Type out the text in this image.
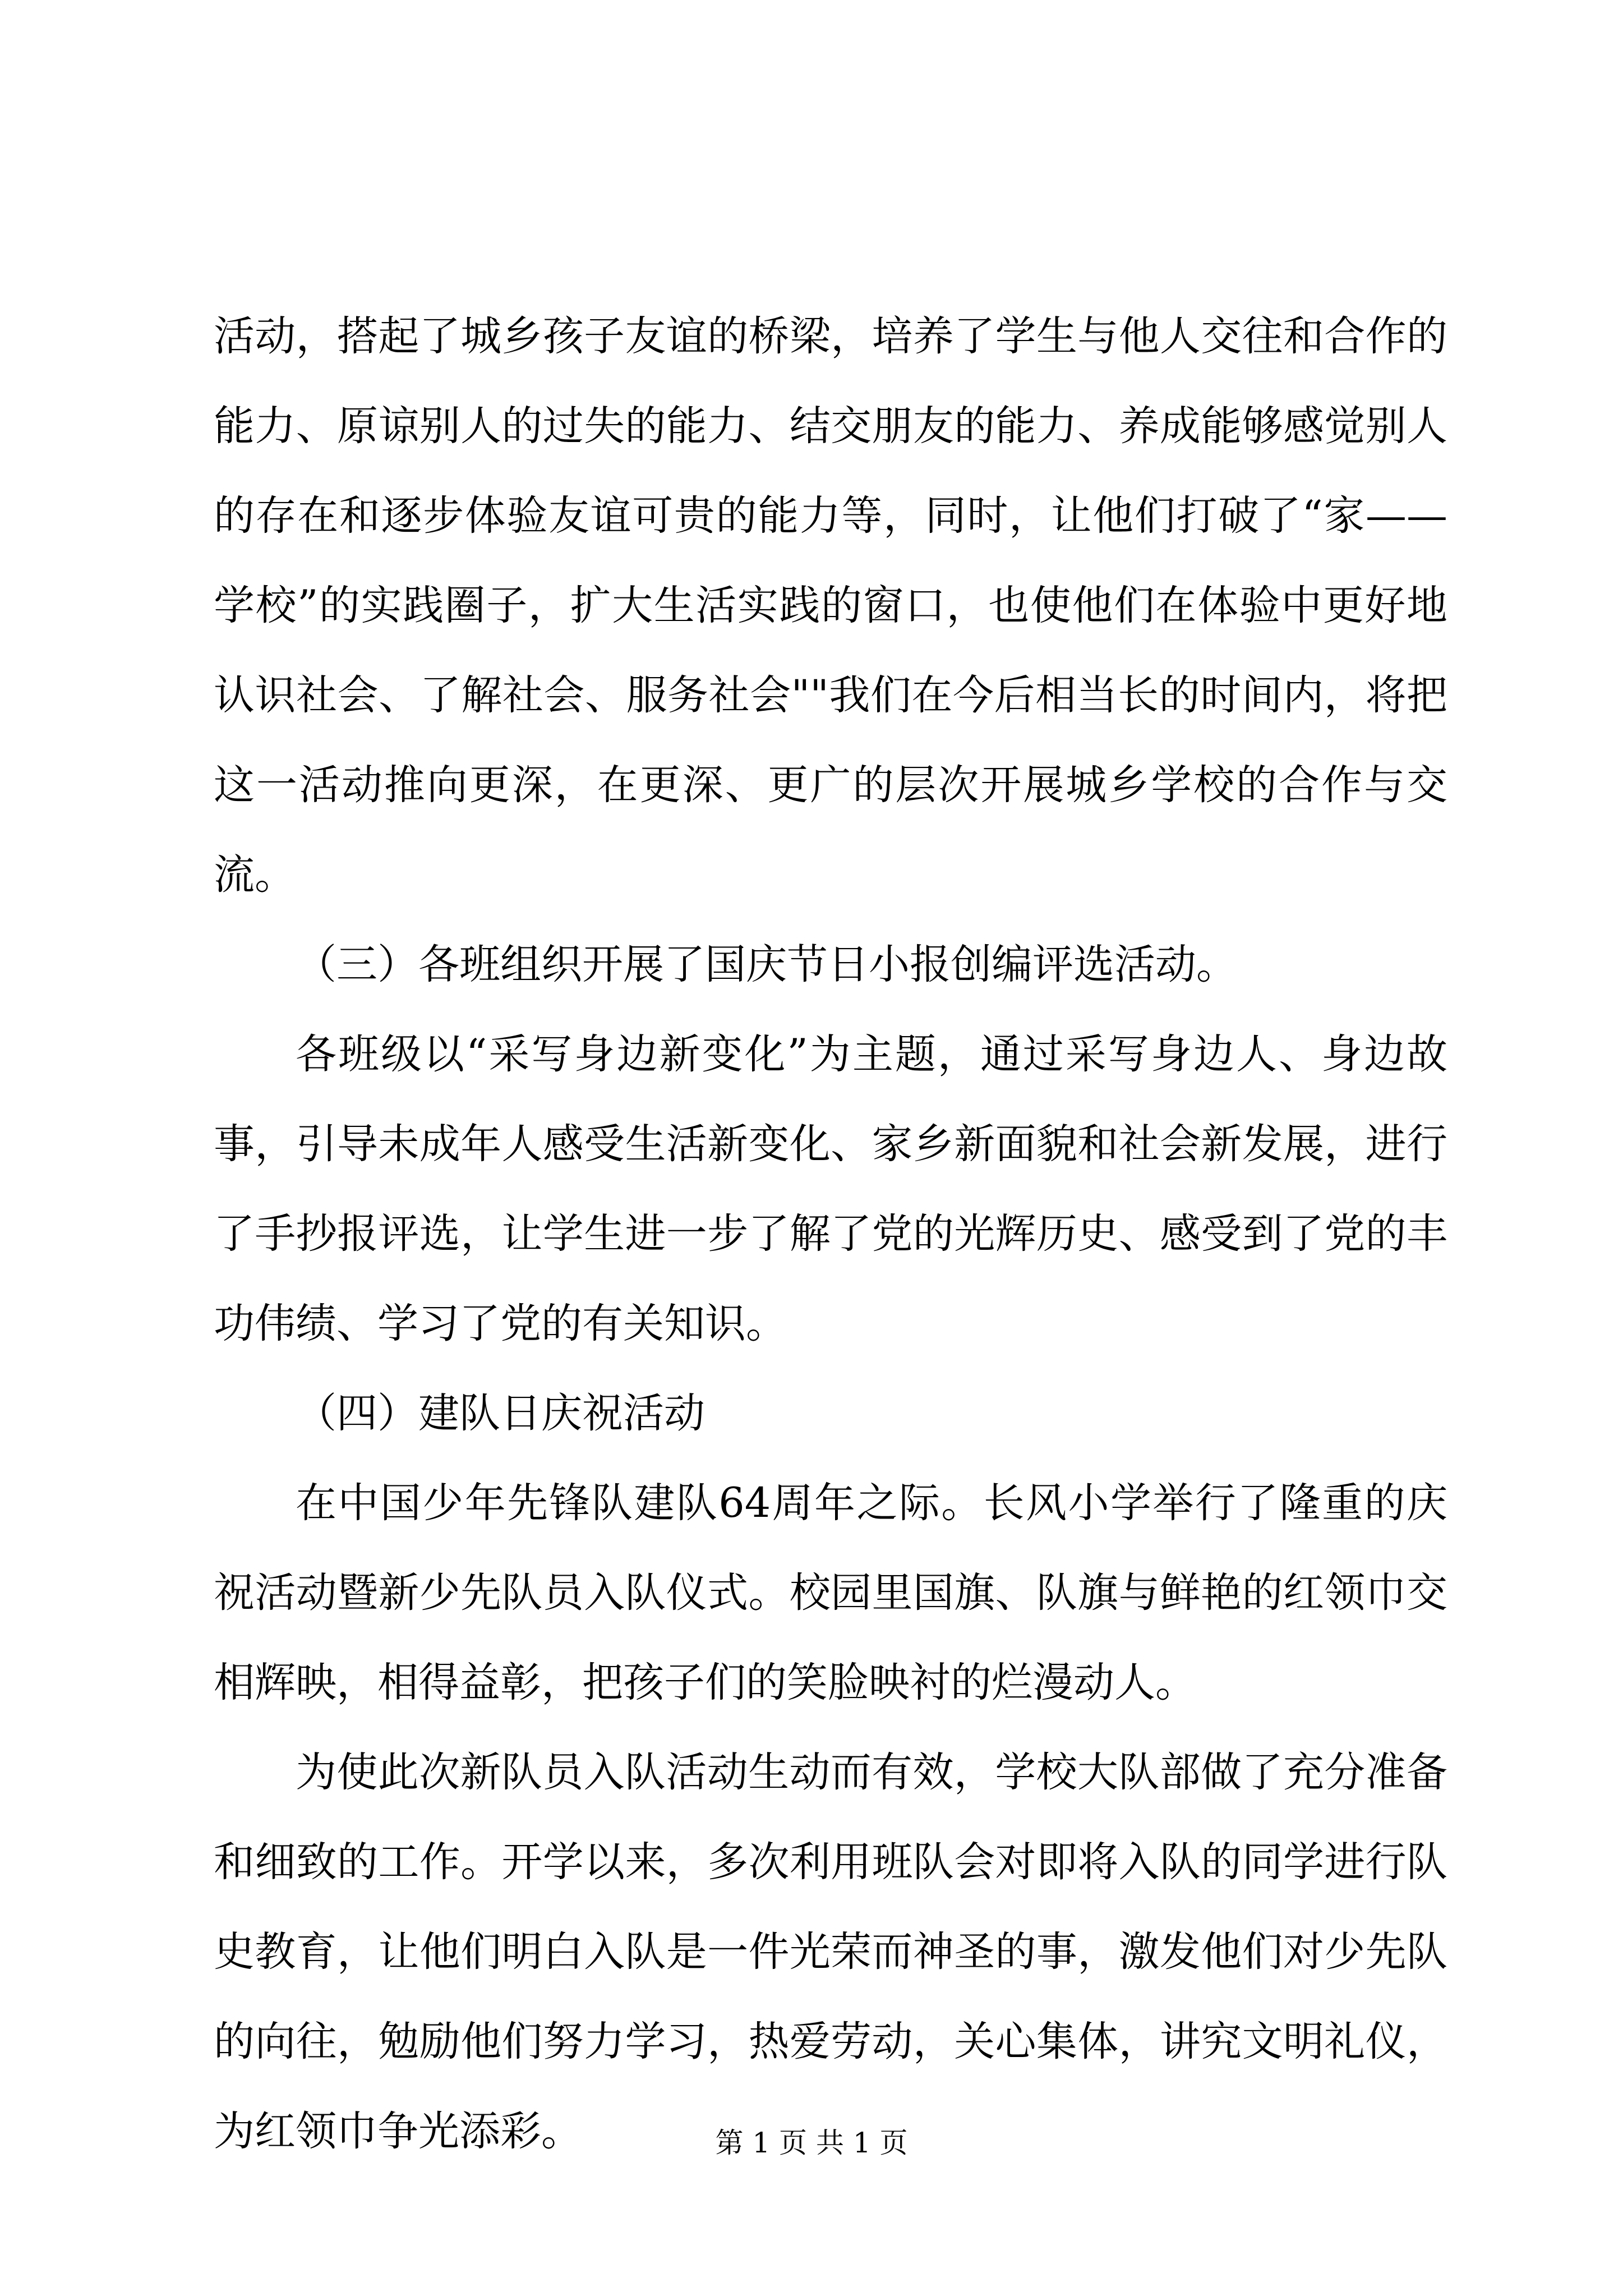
活动，搭起了城乡孩子友谊的桥梁，培养了学生与他人交往和合作的能力、原谅别人的过失的能力、结交朋友的能力、养成能够感觉别人的存在和逐步体验友谊可贵的能力等，同时，让他们打破了“家——学校”的实践圈子，扩大生活实践的窗口，也使他们在体验中更好地认识社会、了解社会、服务社会""我们在今后相当长的时间内，将把这一活动推向更深，在更深、更广的层次开展城乡学校的合作与交流。

（三）各班组织开展了国庆节日小报创编评选活动。

各班级以“采写身边新变化”为主题，通过采写身边人、身边故事，引导未成年人感受生活新变化、家乡新面貌和社会新发展，进行了手抄报评选，让学生进一步了解了党的光辉历史、感受到了党的丰功伟绩、学习了党的有关知识。

（四）建队日庆祝活动

在中国少年先锋队建队64周年之际。长风小学举行了隆重的庆祝活动暨新少先队员入队仪式。校园里国旗、队旗与鲜艳的红领巾交相辉映，相得益彰，把孩子们的笑脸映衬的烂漫动人。

为使此次新队员入队活动生动而有效，学校大队部做了充分准备和细致的工作。开学以来，多次利用班队会对即将入队的同学进行队史教育，让他们明白入队是一件光荣而神圣的事，激发他们对少先队的向往，勉励他们努力学习，热爱劳动，关心集体，讲究文明礼仪，为红领巾争光添彩。	第 1 页 共 1 页
